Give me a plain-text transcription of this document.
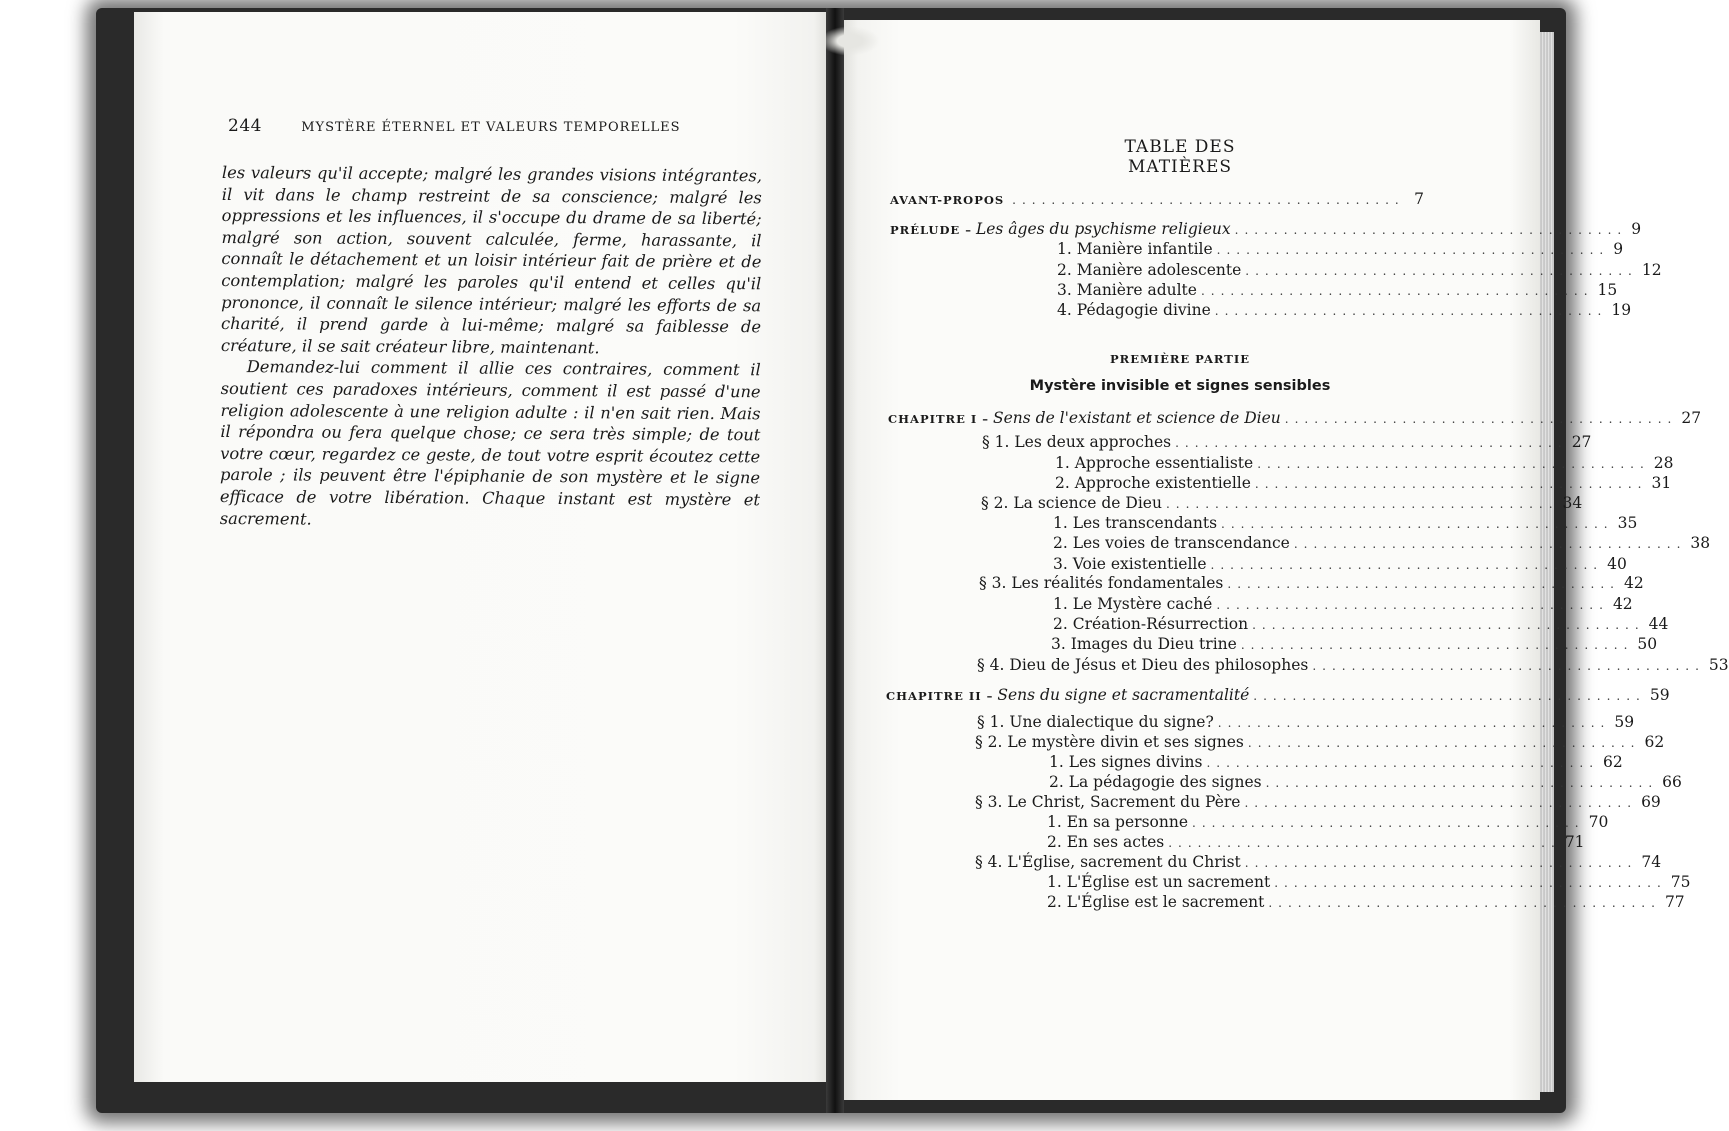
244	MYSTÈRE ÉTERNEL ET VALEURS TEMPORELLES

les valeurs qu'il accepte; malgré les grandes visions intégrantes, il vit dans le champ restreint de sa conscience; malgré les oppressions et les influences, il s'occupe du drame de sa liberté; malgré son action, souvent calculée, ferme, harassante, il connaît le détachement et un loisir intérieur fait de prière et de contemplation; malgré les paroles qu'il entend et celles qu'il prononce, il connaît le silence intérieur; malgré les efforts de sa charité, il prend garde à lui-même; malgré sa faiblesse de créature, il se sait créateur libre, maintenant.

Demandez-lui comment il allie ces contraires, comment il soutient ces paradoxes intérieurs, comment il est passé d'une religion adolescente à une religion adulte : il n'en sait rien. Mais il répondra ou fera quelque chose; ce sera très simple; de tout votre cœur, regardez ce geste, de tout votre esprit écoutez cette parole ; ils peuvent être l'épiphanie de son mystère et le signe efficace de votre libération. Chaque instant est mystère et sacrement.

TABLE DES MATIÈRES
PREMIÈRE PARTIE
Mystère invisible et signes sensibles
AVANT-PROPOS ........................................ 7
PRÉLUDE – Les âges du psychisme religieux ........................................ 9
1. Manière infantile ........................................ 9
2. Manière adolescente ........................................ 12
3. Manière adulte ........................................ 15
4. Pédagogie divine ........................................ 19
CHAPITRE I – Sens de l'existant et science de Dieu ........................................ 27
§ 1. Les deux approches ........................................ 27
1. Approche essentialiste ........................................ 28
2. Approche existentielle ........................................ 31
§ 2. La science de Dieu ........................................ 34
1. Les transcendants ........................................ 35
2. Les voies de transcendance ........................................ 38
3. Voie existentielle ........................................ 40
§ 3. Les réalités fondamentales ........................................ 42
1. Le Mystère caché ........................................ 42
2. Création-Résurrection ........................................ 44
3. Images du Dieu trine ........................................ 50
§ 4. Dieu de Jésus et Dieu des philosophes ........................................ 53
CHAPITRE II – Sens du signe et sacramentalité ........................................ 59
§ 1. Une dialectique du signe? ........................................ 59
§ 2. Le mystère divin et ses signes ........................................ 62
1. Les signes divins ........................................ 62
2. La pédagogie des signes ........................................ 66
§ 3. Le Christ, Sacrement du Père ........................................ 69
1. En sa personne ........................................ 70
2. En ses actes ........................................ 71
§ 4. L'Église, sacrement du Christ ........................................ 74
1. L'Église est un sacrement ........................................ 75
2. L'Église est le sacrement ........................................ 77
